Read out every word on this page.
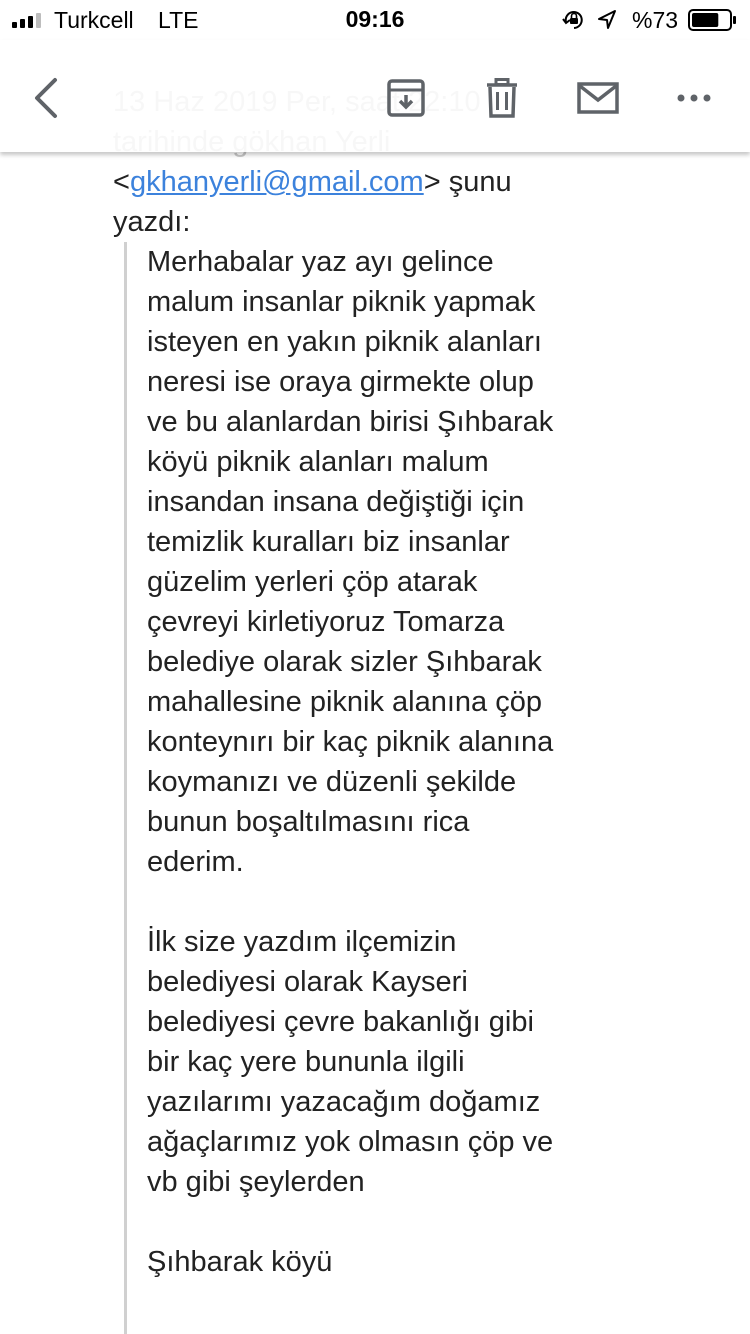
Turkcell LTE	09:16	%73
<gkhanyerli@gmail.com> şunu
yazdı:
Merhabalar yaz ayı gelince
malum insanlar piknik yapmak
isteyen en yakın piknik alanları
neresi ise oraya girmekte olup
ve bu alanlardan birisi Şıhbarak
köyü piknik alanları malum
insandan insana değiştiği için
temizlik kuralları biz insanlar
güzelim yerleri çöp atarak
çevreyi kirletiyoruz Tomarza
belediye olarak sizler Şıhbarak
mahallesine piknik alanına çöp
konteynırı bir kaç piknik alanına
koymanızı ve düzenli şekilde
bunun boşaltılmasını rica
ederim.
İlk size yazdım ilçemizin
belediyesi olarak Kayseri
belediyesi çevre bakanlığı gibi
bir kaç yere bununla ilgili
yazılarımı yazacağım doğamız
ağaçlarımız yok olmasın çöp ve
vb gibi şeylerden
Şıhbarak köyü
